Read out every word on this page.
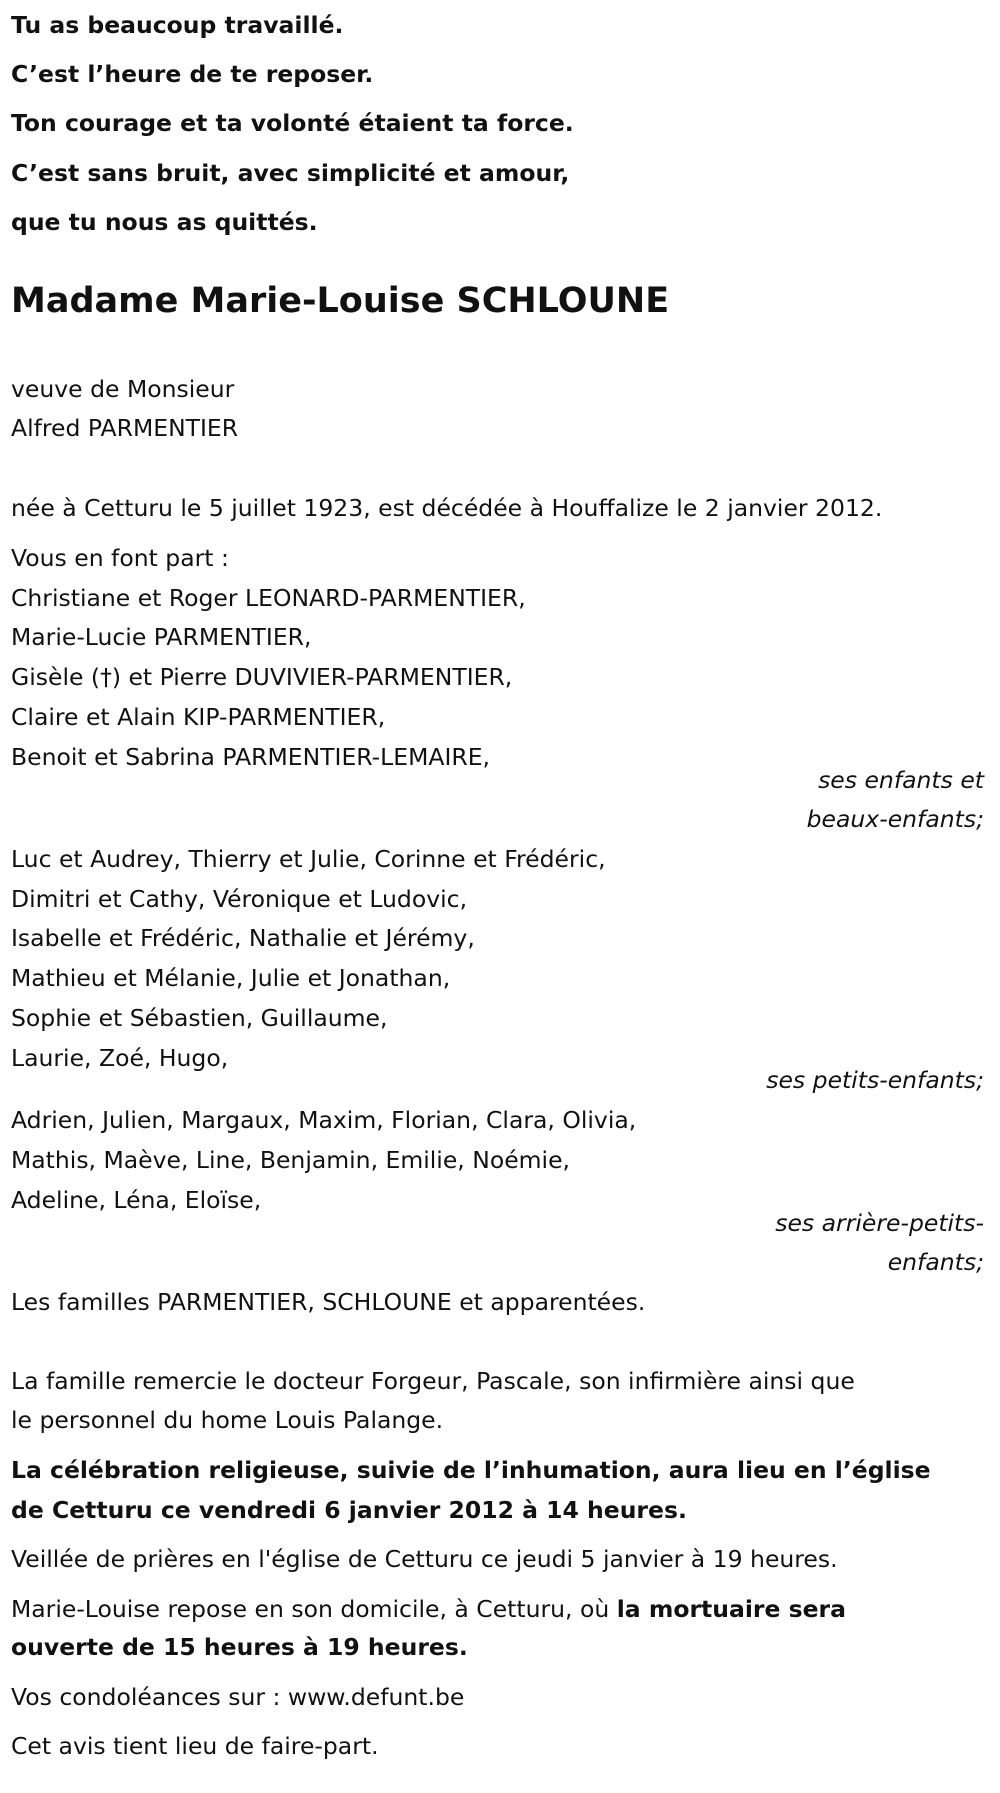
Tu as beaucoup travaillé.
C’est l’heure de te reposer.
Ton courage et ta volonté étaient ta force.
C’est sans bruit, avec simplicité et amour,
que tu nous as quittés.
Madame Marie-Louise SCHLOUNE
veuve de Monsieur
Alfred PARMENTIER
née à Cetturu le 5 juillet 1923, est décédée à Houffalize le 2 janvier 2012.
Vous en font part :
Christiane et Roger LEONARD-PARMENTIER,
Marie-Lucie PARMENTIER,
Gisèle (†) et Pierre DUVIVIER-PARMENTIER,
Claire et Alain KIP-PARMENTIER,
Benoit et Sabrina PARMENTIER-LEMAIRE,
ses enfants et
beaux-enfants;
Luc et Audrey, Thierry et Julie, Corinne et Frédéric,
Dimitri et Cathy, Véronique et Ludovic,
Isabelle et Frédéric, Nathalie et Jérémy,
Mathieu et Mélanie, Julie et Jonathan,
Sophie et Sébastien, Guillaume,
Laurie, Zoé, Hugo,
ses petits-enfants;
Adrien, Julien, Margaux, Maxim, Florian, Clara, Olivia,
Mathis, Maève, Line, Benjamin, Emilie, Noémie,
Adeline, Léna, Eloïse,
ses arrière-petits-
enfants;
Les familles PARMENTIER, SCHLOUNE et apparentées.
La famille remercie le docteur Forgeur, Pascale, son infirmière ainsi que
le personnel du home Louis Palange.
La célébration religieuse, suivie de l’inhumation, aura lieu en l’église
de Cetturu ce vendredi 6 janvier 2012 à 14 heures.
Veillée de prières en l'église de Cetturu ce jeudi 5 janvier à 19 heures.
Marie-Louise repose en son domicile, à Cetturu, où la mortuaire sera
ouverte de 15 heures à 19 heures.
Vos condoléances sur : www.defunt.be
Cet avis tient lieu de faire-part.
